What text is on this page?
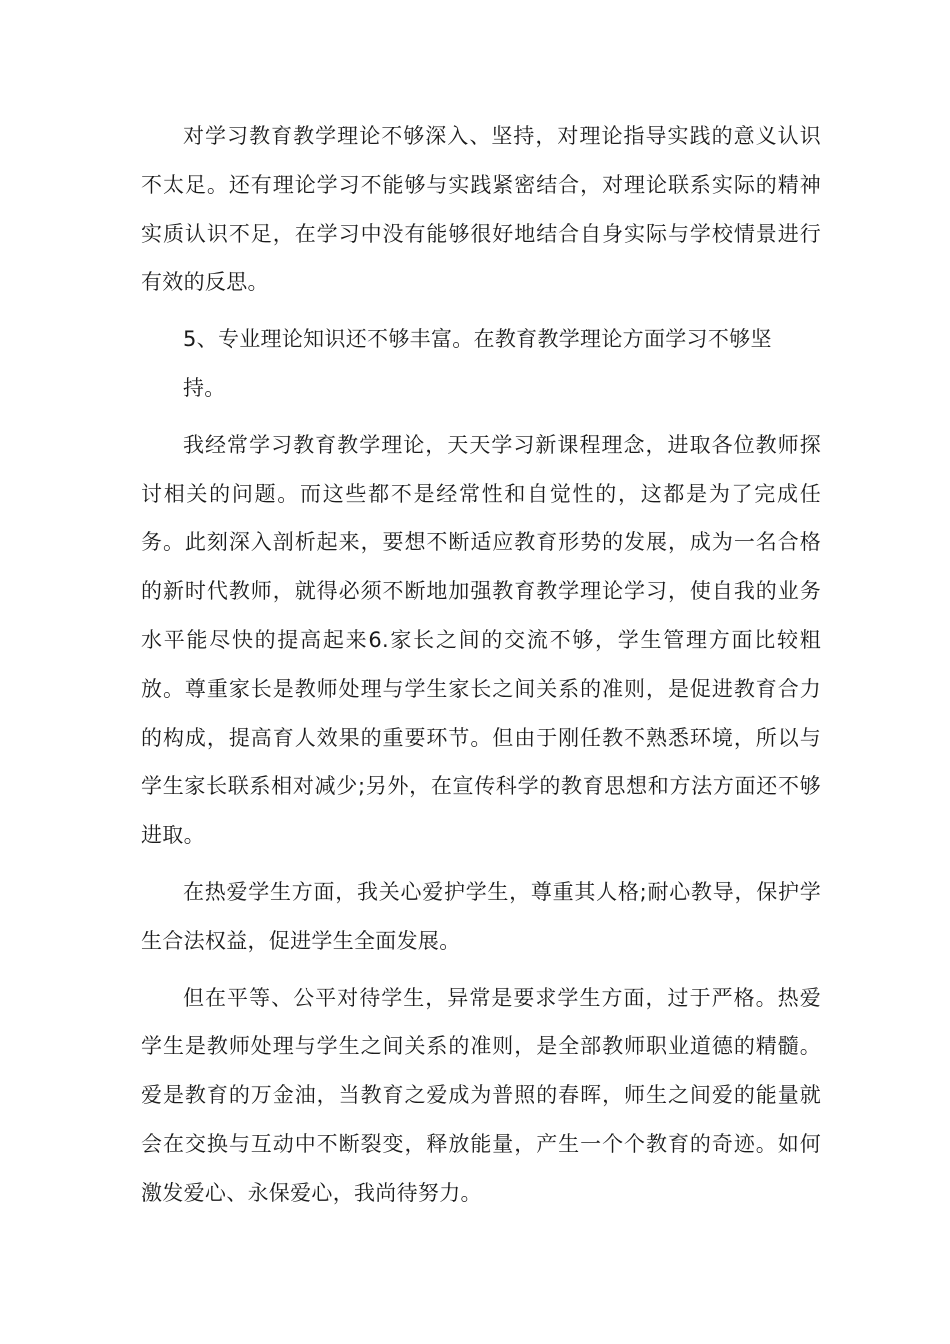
对学习教育教学理论不够深入、坚持，对理论指导实践的意义认识不太足。还有理论学习不能够与实践紧密结合，对理论联系实际的精神实质认识不足，在学习中没有能够很好地结合自身实际与学校情景进行有效的反思。

5、专业理论知识还不够丰富。在教育教学理论方面学习不够坚

持。

我经常学习教育教学理论，天天学习新课程理念，进取各位教师探讨相关的问题。而这些都不是经常性和自觉性的，这都是为了完成任务。此刻深入剖析起来，要想不断适应教育形势的发展，成为一名合格的新时代教师，就得必须不断地加强教育教学理论学习，使自我的业务水平能尽快的提高起来6.家长之间的交流不够，学生管理方面比较粗放。尊重家长是教师处理与学生家长之间关系的准则，是促进教育合力的构成，提高育人效果的重要环节。但由于刚任教不熟悉环境，所以与学生家长联系相对减少;另外，在宣传科学的教育思想和方法方面还不够进取。

在热爱学生方面，我关心爱护学生，尊重其人格;耐心教导，保护学生合法权益，促进学生全面发展。

但在平等、公平对待学生，异常是要求学生方面，过于严格。热爱学生是教师处理与学生之间关系的准则，是全部教师职业道德的精髓。爱是教育的万金油，当教育之爱成为普照的春晖，师生之间爱的能量就会在交换与互动中不断裂变，释放能量，产生一个个教育的奇迹。如何激发爱心、永保爱心，我尚待努力。
